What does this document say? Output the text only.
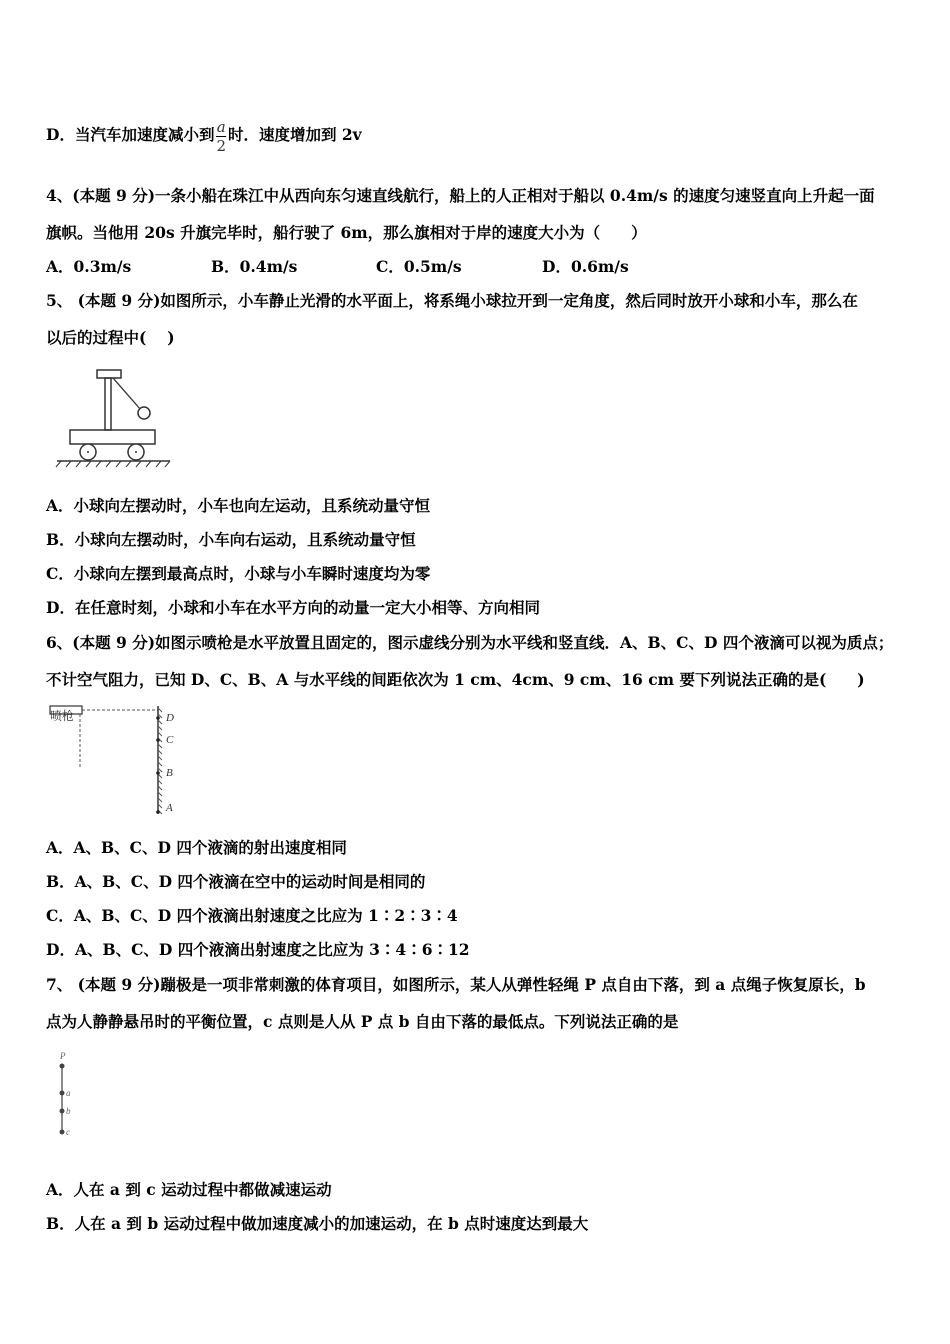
D．当汽车加速度减小到 $\frac{a}{2}$ 时．速度增加到 2v
4、(本题 9 分)一条小船在珠江中从西向东匀速直线航行，船上的人正相对于船以 0.4m/s 的速度匀速竖直向上升起一面
旗帜。当他用 20s 升旗完毕时，船行驶了 6m，那么旗相对于岸的速度大小为（　　）
A．0.3m/s	B．0.4m/s	C．0.5m/s	D．0.6m/s
5、 (本题 9 分)如图所示，小车静止光滑的水平面上，将系绳小球拉开到一定角度，然后同时放开小球和小车，那么在
以后的过程中(　 )
A．小球向左摆动时，小车也向左运动，且系统动量守恒
B．小球向左摆动时，小车向右运动，且系统动量守恒
C．小球向左摆到最高点时，小球与小车瞬时速度均为零
D．在任意时刻，小球和小车在水平方向的动量一定大小相等、方向相同
6、(本题 9 分)如图示喷枪是水平放置且固定的，图示虚线分别为水平线和竖直线．A、B、C、D 四个液滴可以视为质点；
不计空气阻力，已知 D、C、B、A 与水平线的间距依次为 1 cm、4cm、9 cm、16 cm 要下列说法正确的是(　　)
喷枪	D
C
B
A
A．A、B、C、D 四个液滴的射出速度相同
B．A、B、C、D 四个液滴在空中的运动时间是相同的
C．A、B、C、D 四个液滴出射速度之比应为 1∶2∶3∶4
D．A、B、C、D 四个液滴出射速度之比应为 3∶4∶6∶12
7、 (本题 9 分)蹦极是一项非常刺激的体育项目，如图所示，某人从弹性轻绳 P 点自由下落，到 a 点绳子恢复原长，b
点为人静静悬吊时的平衡位置，c 点则是人从 P 点 b 自由下落的最低点。下列说法正确的是
P
a
b
c
A．人在 a 到 c 运动过程中都做减速运动
B．人在 a 到 b 运动过程中做加速度减小的加速运动，在 b 点时速度达到最大
